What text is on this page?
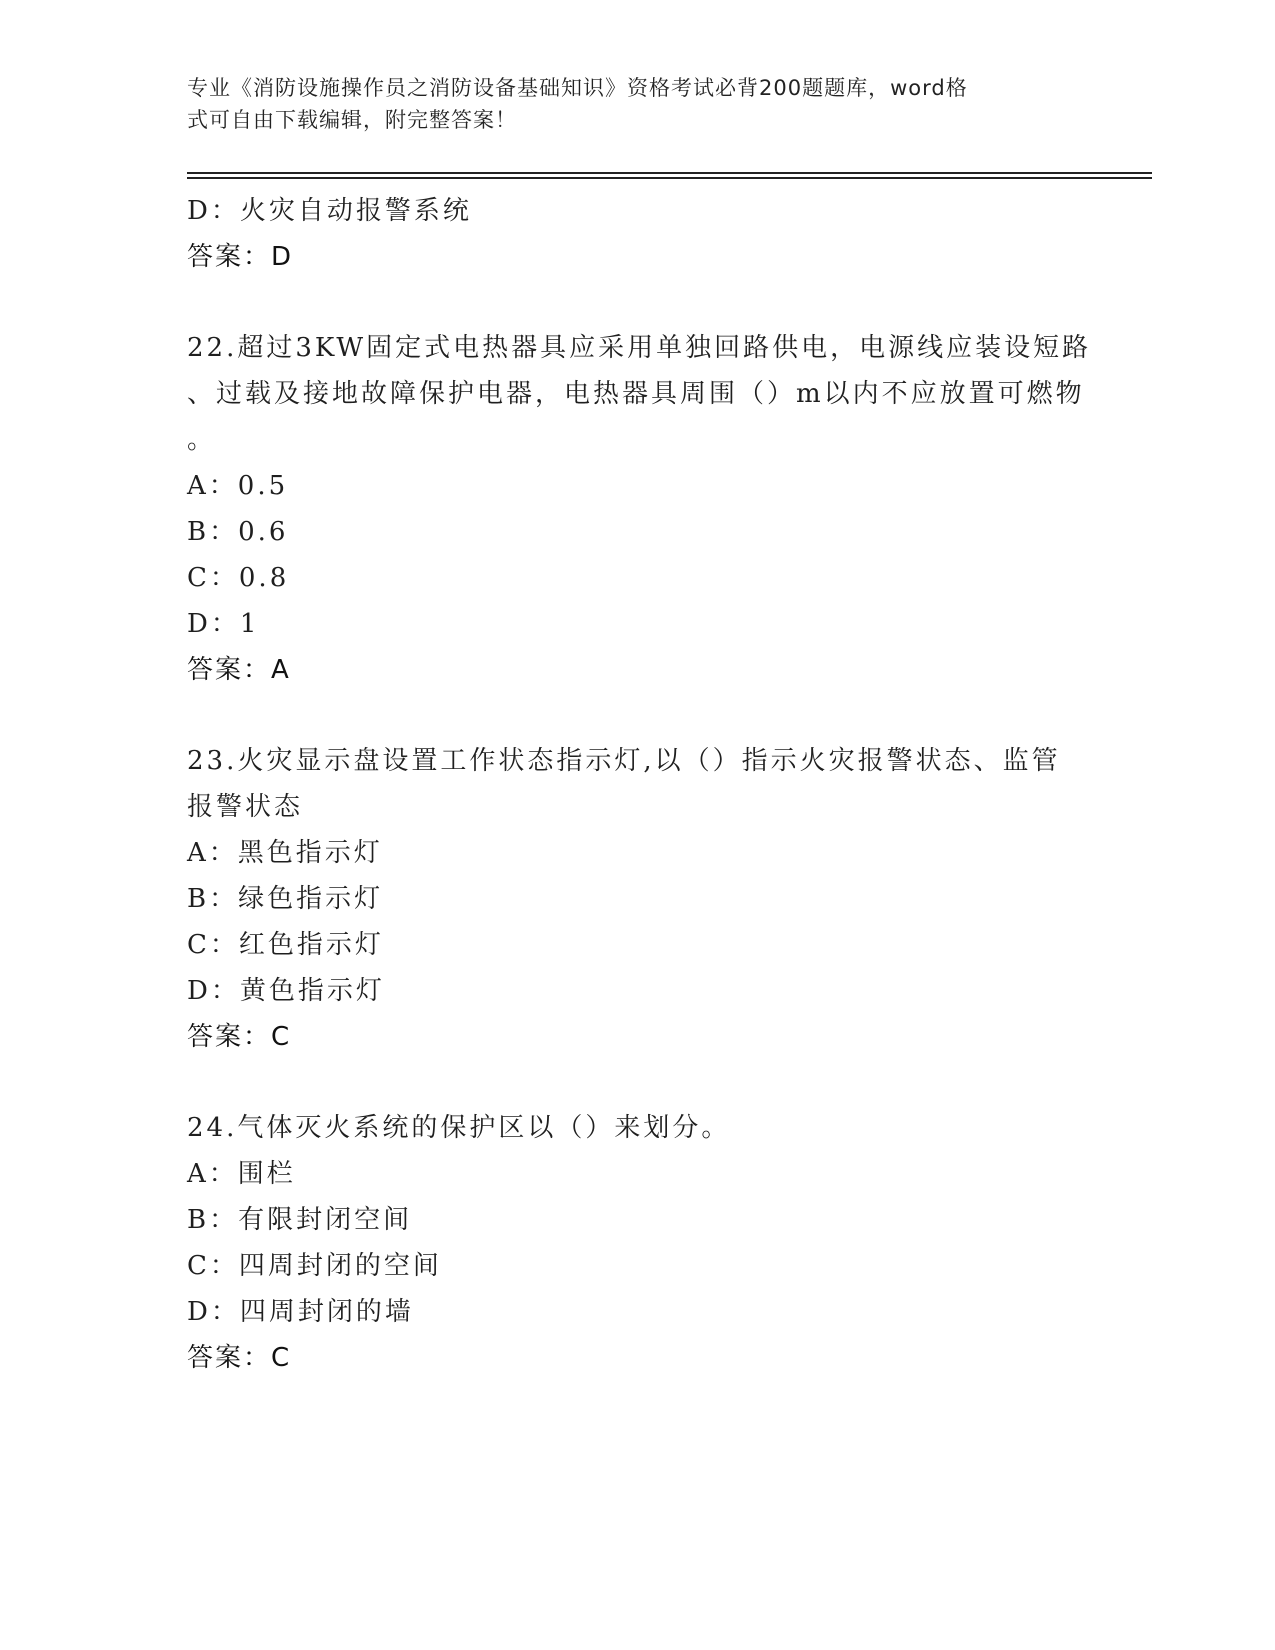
专业《消防设施操作员之消防设备基础知识》资格考试必背200题题库，word格
式可自由下载编辑，附完整答案！
D：火灾自动报警系统
答案：D
22.超过3KW固定式电热器具应采用单独回路供电，电源线应装设短路
、过载及接地故障保护电器，电热器具周围（）m以内不应放置可燃物
。
A：0.5
B：0.6
C：0.8
D：1
答案：A
23.火灾显示盘设置工作状态指示灯,以（）指示火灾报警状态、监管
报警状态
A：黑色指示灯
B：绿色指示灯
C：红色指示灯
D：黄色指示灯
答案：C
24.气体灭火系统的保护区以（）来划分。
A：围栏
B：有限封闭空间
C：四周封闭的空间
D：四周封闭的墙
答案：C
